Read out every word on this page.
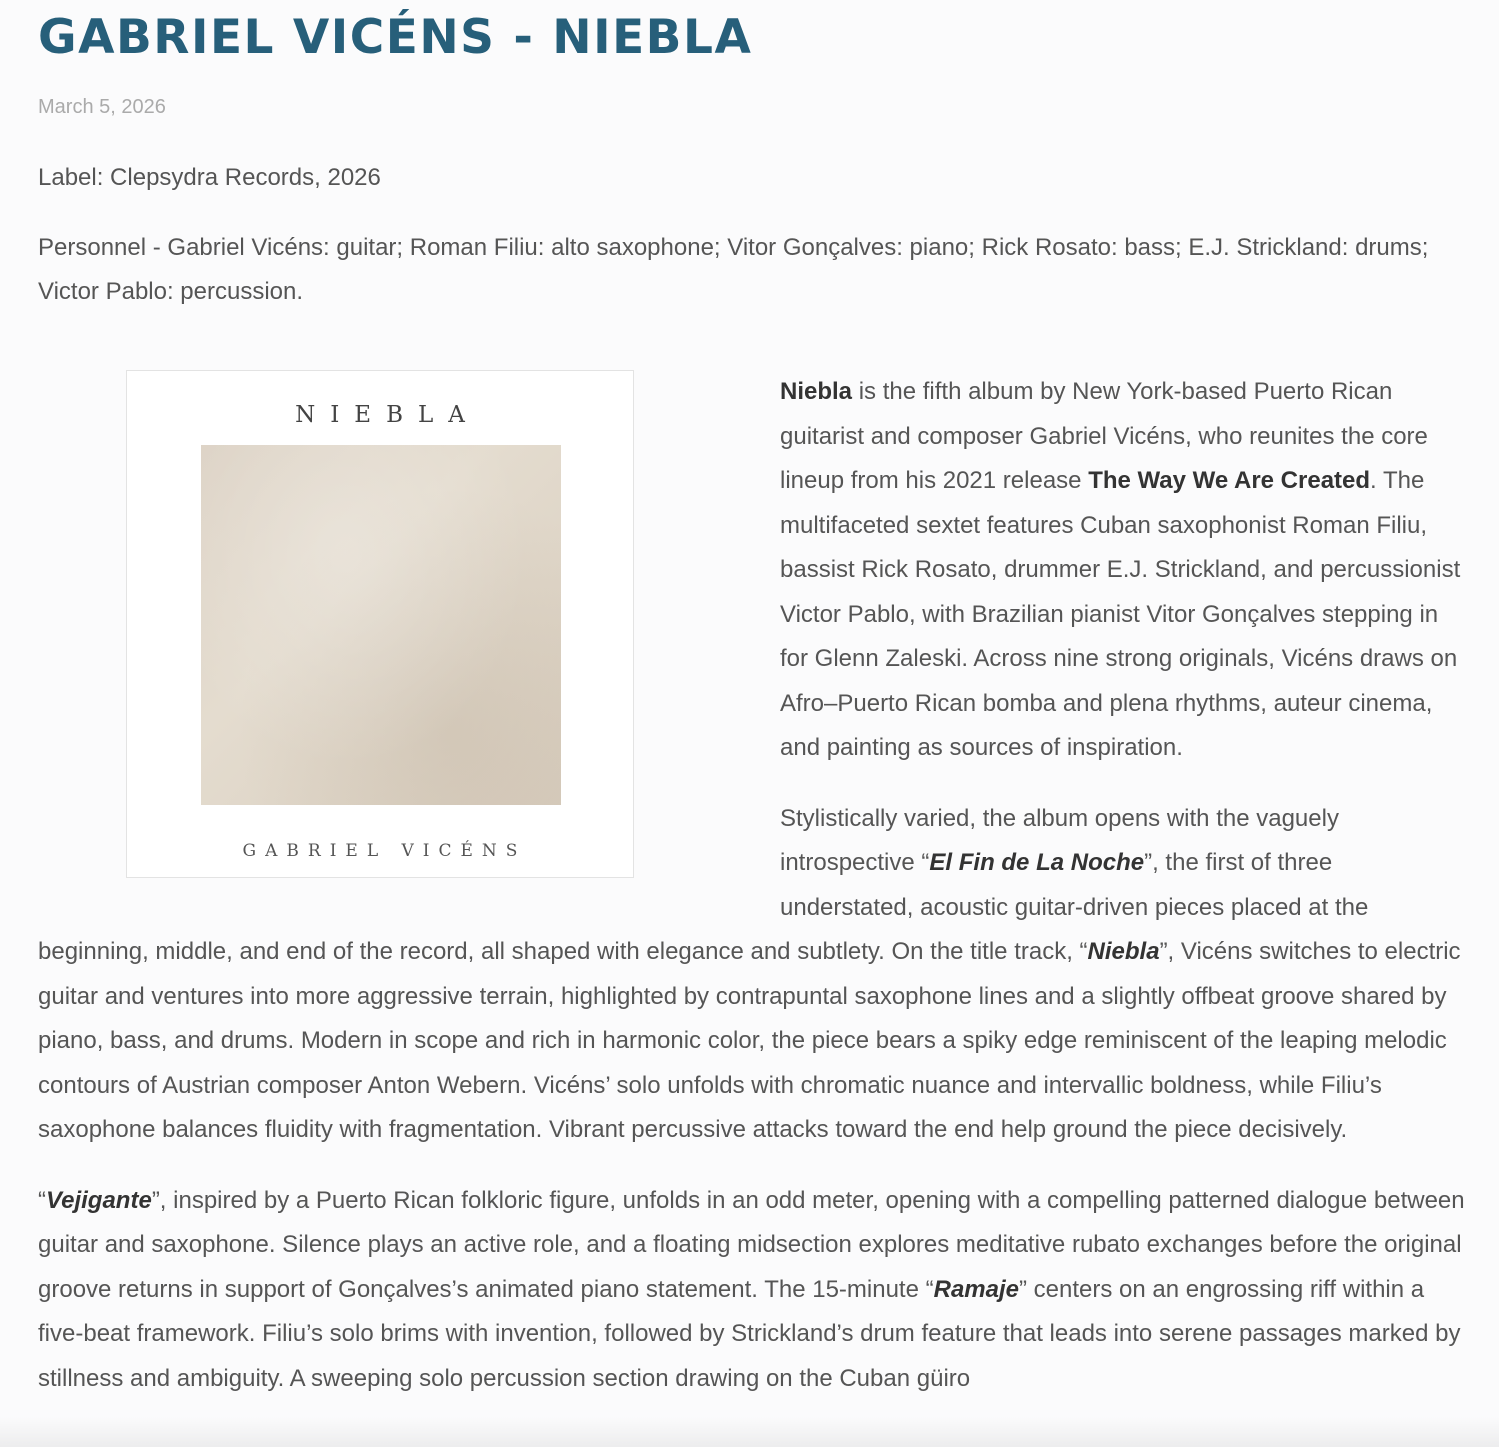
GABRIEL VICÉNS - NIEBLA
March 5, 2026
Label: Clepsydra Records, 2026
Personnel - Gabriel Vicéns: guitar; Roman Filiu: alto saxophone; Vitor Gonçalves: piano; Rick Rosato: bass; E.J. Strickland: drums; Victor Pablo: percussion.
NIEBLA
GABRIEL VICÉNS

Niebla is the fifth album by New York-based Puerto Rican guitarist and composer Gabriel Vicéns, who reunites the core lineup from his 2021 release The Way We Are Created. The multifaceted sextet features Cuban saxophonist Roman Filiu, bassist Rick Rosato, drummer E.J. Strickland, and percussionist Victor Pablo, with Brazilian pianist Vitor Gonçalves stepping in for Glenn Zaleski. Across nine strong originals, Vicéns draws on Afro–Puerto Rican bomba and plena rhythms, auteur cinema, and painting as sources of inspiration.

Stylistically varied, the album opens with the vaguely introspective “El Fin de La Noche”, the first of three understated, acoustic guitar-driven pieces placed at the beginning, middle, and end of the record, all shaped with elegance and subtlety. On the title track, “Niebla”, Vicéns switches to electric guitar and ventures into more aggressive terrain, highlighted by contrapuntal saxophone lines and a slightly offbeat groove shared by piano, bass, and drums. Modern in scope and rich in harmonic color, the piece bears a spiky edge reminiscent of the leaping melodic contours of Austrian composer Anton Webern. Vicéns’ solo unfolds with chromatic nuance and intervallic boldness, while Filiu’s saxophone balances fluidity with fragmentation. Vibrant percussive attacks toward the end help ground the piece decisively.

“Vejigante”, inspired by a Puerto Rican folkloric figure, unfolds in an odd meter, opening with a compelling patterned dialogue between guitar and saxophone. Silence plays an active role, and a floating midsection explores meditative rubato exchanges before the original groove returns in support of Gonçalves’s animated piano statement. The 15-minute “Ramaje” centers on an engrossing riff within a five-beat framework. Filiu’s solo brims with invention, followed by Strickland’s drum feature that leads into serene passages marked by stillness and ambiguity. A sweeping solo percussion section drawing on the Cuban güiro
